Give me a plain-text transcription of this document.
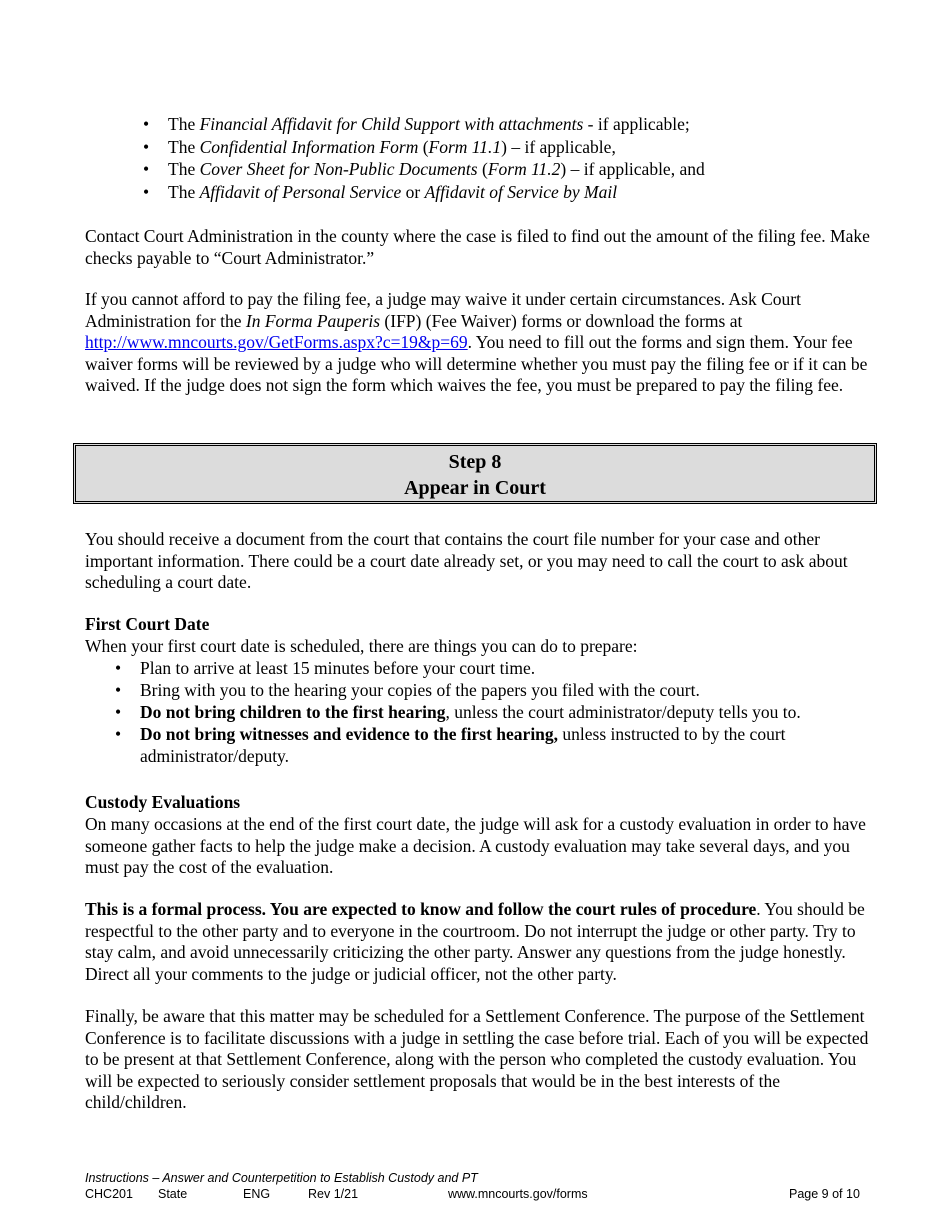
• The Financial Affidavit for Child Support with attachments - if applicable;
• The Confidential Information Form (Form 11.1) – if applicable,
• The Cover Sheet for Non-Public Documents (Form 11.2) – if applicable, and
• The Affidavit of Personal Service or Affidavit of Service by Mail

Contact Court Administration in the county where the case is filed to find out the amount of the filing fee. Make checks payable to “Court Administrator.”

If you cannot afford to pay the filing fee, a judge may waive it under certain circumstances. Ask Court Administration for the In Forma Pauperis (IFP) (Fee Waiver) forms or download the forms at http://www.mncourts.gov/GetForms.aspx?c=19&p=69. You need to fill out the forms and sign them. Your fee waiver forms will be reviewed by a judge who will determine whether you must pay the filing fee or if it can be waived. If the judge does not sign the form which waives the fee, you must be prepared to pay the filing fee.

Step 8
Appear in Court

You should receive a document from the court that contains the court file number for your case and other important information. There could be a court date already set, or you may need to call the court to ask about scheduling a court date.

First Court Date

When your first court date is scheduled, there are things you can do to prepare:

• Plan to arrive at least 15 minutes before your court time.
• Bring with you to the hearing your copies of the papers you filed with the court.
• Do not bring children to the first hearing, unless the court administrator/deputy tells you to.
• Do not bring witnesses and evidence to the first hearing, unless instructed to by the court administrator/deputy.

Custody Evaluations

On many occasions at the end of the first court date, the judge will ask for a custody evaluation in order to have someone gather facts to help the judge make a decision. A custody evaluation may take several days, and you must pay the cost of the evaluation.

This is a formal process. You are expected to know and follow the court rules of procedure. You should be respectful to the other party and to everyone in the courtroom. Do not interrupt the judge or other party. Try to stay calm, and avoid unnecessarily criticizing the other party. Answer any questions from the judge honestly. Direct all your comments to the judge or judicial officer, not the other party.

Finally, be aware that this matter may be scheduled for a Settlement Conference. The purpose of the Settlement Conference is to facilitate discussions with a judge in settling the case before trial. Each of you will be expected to be present at that Settlement Conference, along with the person who completed the custody evaluation. You will be expected to seriously consider settlement proposals that would be in the best interests of the child/children.

Instructions – Answer and Counterpetition to Establish Custody and PT
CHC201 State	ENG	Rev 1/21	www.mncourts.gov/forms	Page 9 of 10
